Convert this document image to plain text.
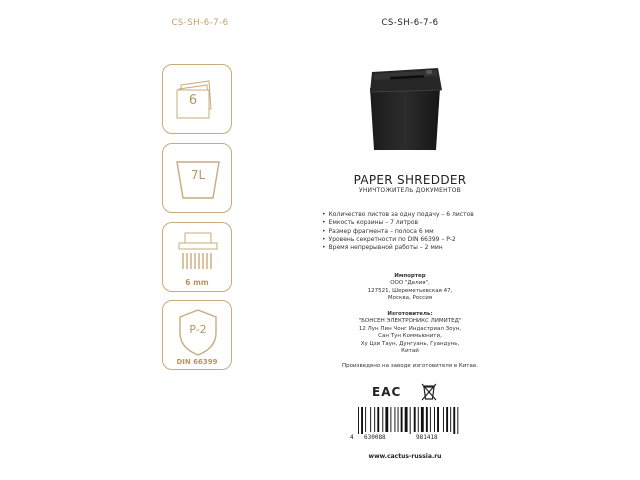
CS-SH-6-7-6
6
7L
6 mm
P-2
DIN 66399
CS-SH-6-7-6
PAPER SHREDDER
УНИЧТОЖИТЕЛЬ ДОКУМЕНТОВ
• Количество листов за одну подачу – 6 листов
• Емкость корзины – 7 литров
• Размер фрагмента – полоса 6 мм
• Уровень секретности по DIN 66399 – P-2
• Время непрерывной работы – 2 мин
Импортер
ООО "Делия",
127521, Шереметьевская 47,
Москва, Россия
Изготовитель:
"БОНСЕН ЭЛЕКТРОНИКС ЛИМИТЕД"
12 Лун Пин Чонг Индастриал Зоун,
Сан Тун Коммьюнити,
Ху Цзи Таун, Дунгуань, Гуандунь,
Китай
Произведено на заводе изготовителя в Китае.
EAC
4 630088	981418
www.cactus-russia.ru
